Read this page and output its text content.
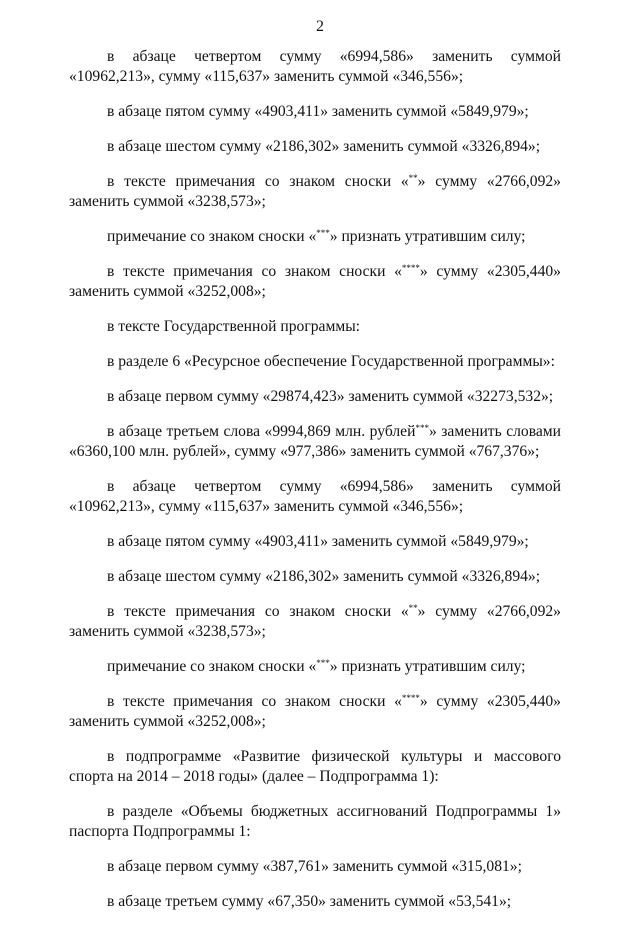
2

в абзаце четвертом сумму «6994,586» заменить суммой «10962,213», сумму «115,637» заменить суммой «346,556»;

в абзаце пятом сумму «4903,411» заменить суммой «5849,979»;

в абзаце шестом сумму «2186,302» заменить суммой «3326,894»;

в тексте примечания со знаком сноски «**» сумму «2766,092» заменить суммой «3238,573»;

примечание со знаком сноски «***» признать утратившим силу;

в тексте примечания со знаком сноски «****» сумму «2305,440» заменить суммой «3252,008»;

в тексте Государственной программы:

в разделе 6 «Ресурсное обеспечение Государственной программы»:

в абзаце первом сумму «29874,423» заменить суммой «32273,532»;

в абзаце третьем слова «9994,869 млн. рублей***» заменить словами «6360,100 млн. рублей», сумму «977,386» заменить суммой «767,376»;

в абзаце четвертом сумму «6994,586» заменить суммой «10962,213», сумму «115,637» заменить суммой «346,556»;

в абзаце пятом сумму «4903,411» заменить суммой «5849,979»;

в абзаце шестом сумму «2186,302» заменить суммой «3326,894»;

в тексте примечания со знаком сноски «**» сумму «2766,092» заменить суммой «3238,573»;

примечание со знаком сноски «***» признать утратившим силу;

в тексте примечания со знаком сноски «****» сумму «2305,440» заменить суммой «3252,008»;

в подпрограмме «Развитие физической культуры и массового спорта на 2014 – 2018 годы» (далее – Подпрограмма 1):

в разделе «Объемы бюджетных ассигнований Подпрограммы 1» паспорта Подпрограммы 1:

в абзаце первом сумму «387,761» заменить суммой «315,081»;

в абзаце третьем сумму «67,350» заменить суммой «53,541»;
